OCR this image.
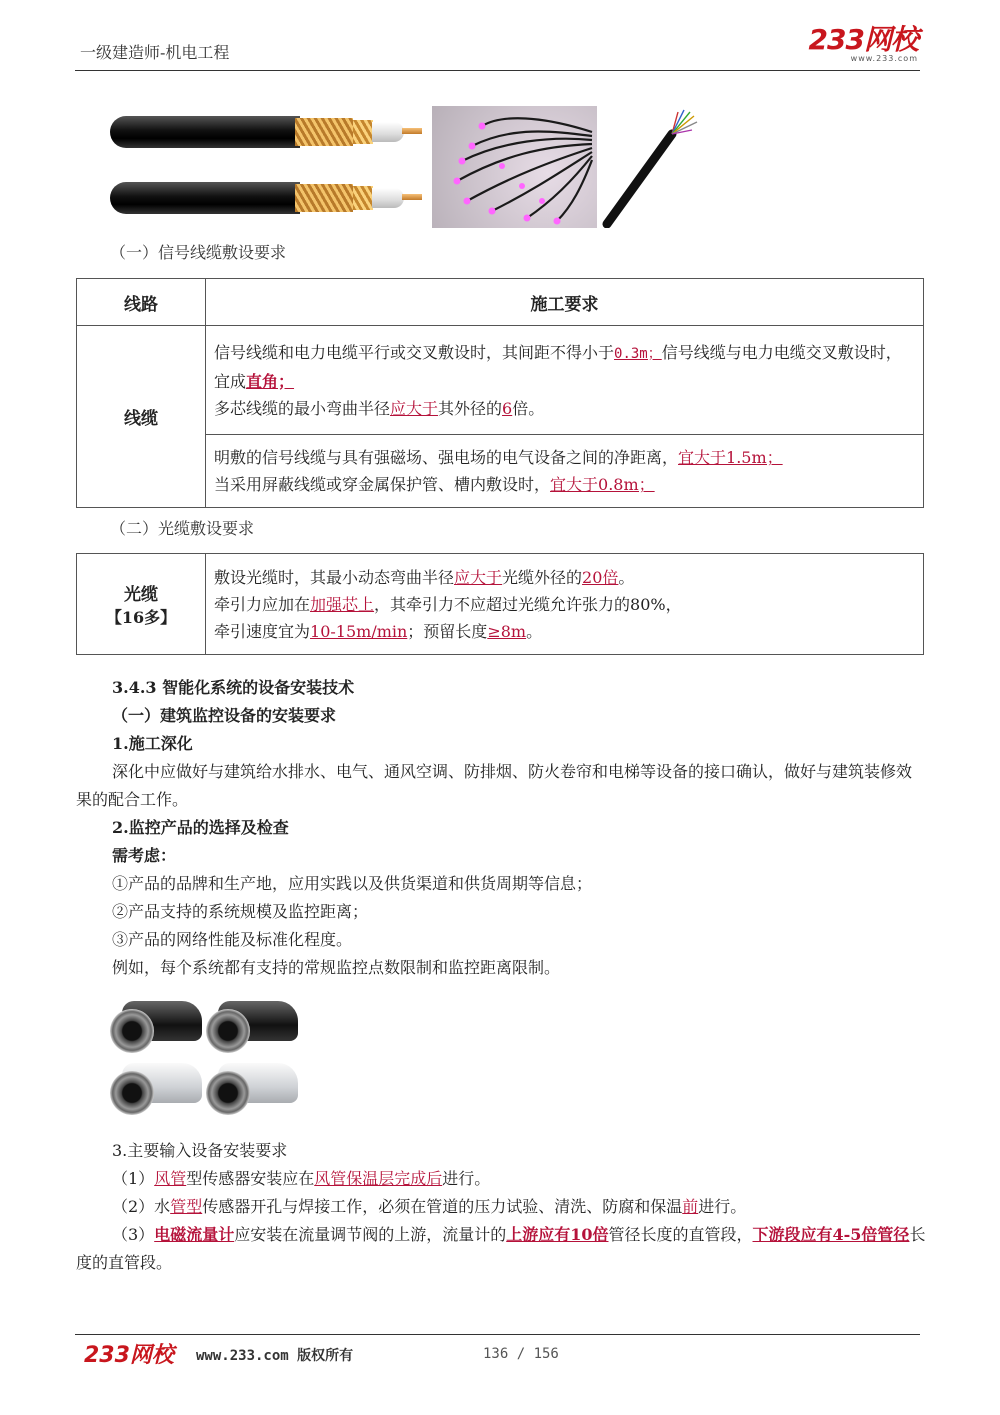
一级建造师-机电工程	233网校
www.233.com
（一）信号线缆敷设要求
线路	施工要求
线缆	信号线缆和电力电缆平行或交叉敷设时，其间距不得小于0.3m；信号线缆与电力电缆交叉敷设时，宜成直角；
多芯线缆的最小弯曲半径应大于其外径的6倍。
	明敷的信号线缆与具有强磁场、强电场的电气设备之间的净距离，宜大于1.5m；
当采用屏蔽线缆或穿金属保护管、槽内敷设时，宜大于0.8m；
（二）光缆敷设要求
光缆
【16多】
	敷设光缆时，其最小动态弯曲半径应大于光缆外径的20倍。
牵引力应加在加强芯上，其牵引力不应超过光缆允许张力的80%，
牵引速度宜为10-15m/min；预留长度≥8m。

3.4.3 智能化系统的设备安装技术

（一）建筑监控设备的安装要求

1.施工深化

深化中应做好与建筑给水排水、电气、通风空调、防排烟、防火卷帘和电梯等设备的接口确认，做好与建筑装修效果的配合工作。

2.监控产品的选择及检查

需考虑：

①产品的品牌和生产地，应用实践以及供货渠道和供货周期等信息；

②产品支持的系统规模及监控距离；

③产品的网络性能及标准化程度。

例如，每个系统都有支持的常规监控点数限制和监控距离限制。

3.主要输入设备安装要求

（1）风管型传感器安装应在风管保温层完成后进行。

（2）水管型传感器开孔与焊接工作，必须在管道的压力试验、清洗、防腐和保温前进行。

（3）电磁流量计应安装在流量调节阀的上游，流量计的上游应有10倍管径长度的直管段，下游段应有4-5倍管径长度的直管段。

233网校 www.233.com 版权所有	136 / 156
